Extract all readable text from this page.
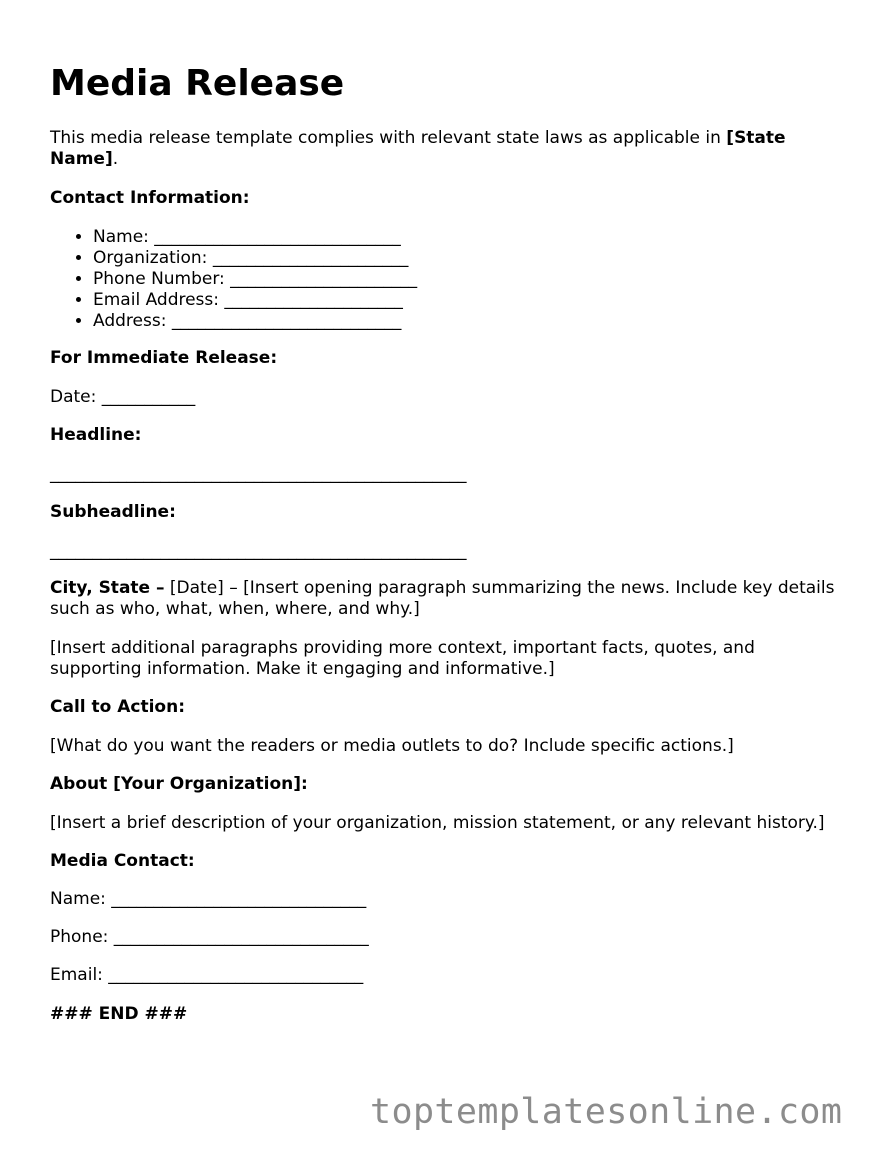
Media Release

This media release template complies with relevant state laws as applicable in [State Name].

Contact Information:

• Name: _____________________________
• Organization: _______________________
• Phone Number: ______________________
• Email Address: _____________________
• Address: ___________________________

For Immediate Release:

Date: ___________

Headline:

_________________________________________________

Subheadline:

_________________________________________________

City, State – [Date] – [Insert opening paragraph summarizing the news. Include key details such as who, what, when, where, and why.]

[Insert additional paragraphs providing more context, important facts, quotes, and supporting information. Make it engaging and informative.]

Call to Action:

[What do you want the readers or media outlets to do? Include specific actions.]

About [Your Organization]:

[Insert a brief description of your organization, mission statement, or any relevant history.]

Media Contact:

Name: ______________________________

Phone: ______________________________

Email: ______________________________

### END ###

toptemplatesonline.com
